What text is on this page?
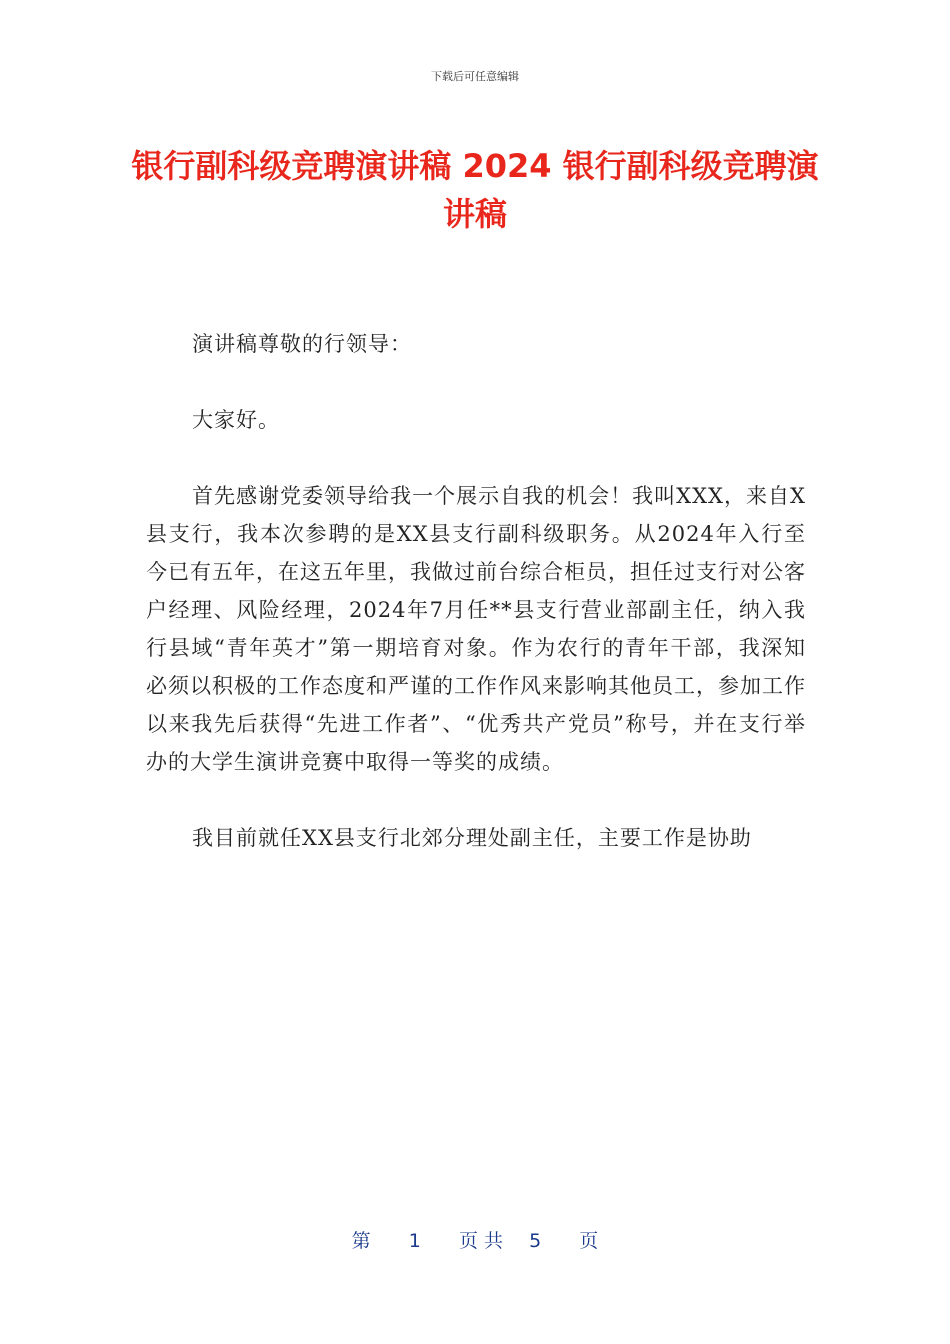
下载后可任意编辑
银行副科级竞聘演讲稿 2024 银行副科级竞聘演讲稿

演讲稿尊敬的行领导：

大家好。

首先感谢党委领导给我一个展示自我的机会！我叫XXX，来自X县支行，我本次参聘的是XX县支行副科级职务。从2024年入行至今已有五年，在这五年里，我做过前台综合柜员，担任过支行对公客户经理、风险经理，2024年7月任**县支行营业部副主任，纳入我行县域“青年英才”第一期培育对象。作为农行的青年干部，我深知必须以积极的工作态度和严谨的工作作风来影响其他员工，参加工作以来我先后获得“先进工作者”、“优秀共产党员”称号，并在支行举办的大学生演讲竞赛中取得一等奖的成绩。

我目前就任XX县支行北郊分理处副主任，主要工作是协助

第 1 页 共 5 页
